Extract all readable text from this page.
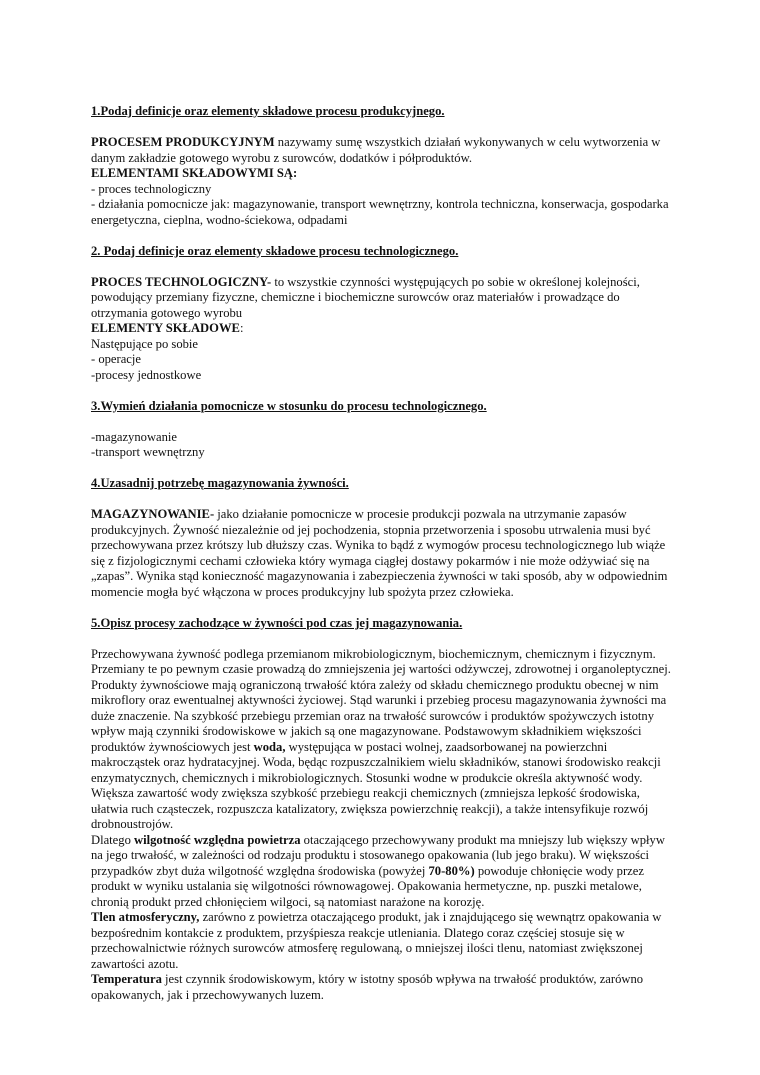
1.Podaj definicje oraz elementy składowe procesu produkcyjnego.

PROCESEM PRODUKCYJNYM nazywamy sumę wszystkich działań wykonywanych w celu wytworzenia w danym zakładzie gotowego wyrobu z surowców, dodatków i półproduktów.

ELEMENTAMI SKŁADOWYMI SĄ:

- proces technologiczny

- działania pomocnicze jak: magazynowanie, transport wewnętrzny, kontrola techniczna, konserwacja, gospodarka energetyczna, cieplna, wodno-ściekowa, odpadami

2. Podaj definicje oraz elementy składowe procesu technologicznego.

PROCES TECHNOLOGICZNY- to wszystkie czynności występujących po sobie w określonej kolejności, powodujący przemiany fizyczne, chemiczne i biochemiczne surowców oraz materiałów i prowadzące do otrzymania gotowego wyrobu

ELEMENTY SKŁADOWE:

Następujące po sobie

- operacje

-procesy jednostkowe

3.Wymień działania pomocnicze w stosunku do procesu technologicznego.

-magazynowanie

-transport wewnętrzny

4.Uzasadnij potrzebę magazynowania żywności.

MAGAZYNOWANIE- jako działanie pomocnicze w procesie produkcji pozwala na utrzymanie zapasów produkcyjnych. Żywność niezależnie od jej pochodzenia, stopnia przetworzenia i sposobu utrwalenia musi być przechowywana przez krótszy lub dłuższy czas. Wynika to bądź z wymogów procesu technologicznego lub wiąże się z fizjologicznymi cechami człowieka który wymaga ciągłej dostawy pokarmów i nie może odżywiać się na „zapas”. Wynika stąd konieczność magazynowania i zabezpieczenia żywności w taki sposób, aby w odpowiednim momencie mogła być włączona w proces produkcyjny lub spożyta przez człowieka.

5.Opisz procesy zachodzące w żywności pod czas jej magazynowania.

Przechowywana żywność podlega przemianom mikrobiologicznym, biochemicznym, chemicznym i fizycznym. Przemiany te po pewnym czasie prowadzą do zmniejszenia jej wartości odżywczej, zdrowotnej i organoleptycznej. Produkty żywnościowe mają ograniczoną trwałość która zależy od składu chemicznego produktu obecnej w nim mikroflory oraz ewentualnej aktywności życiowej. Stąd warunki i przebieg procesu magazynowania żywności ma duże znaczenie. Na szybkość przebiegu przemian oraz na trwałość surowców i produktów spożywczych istotny wpływ mają czynniki środowiskowe w jakich są one magazynowane. Podstawowym składnikiem większości produktów żywnościowych jest woda, występująca w postaci wolnej, zaadsorbowanej na powierzchni makrocząstek oraz hydratacyjnej. Woda, będąc rozpuszczalnikiem wielu składników, stanowi środowisko reakcji enzymatycznych, chemicznych i mikrobiologicznych. Stosunki wodne w produkcie określa aktywność wody. Większa zawartość wody zwiększa szybkość przebiegu reakcji chemicznych (zmniejsza lepkość środowiska, ułatwia ruch cząsteczek, rozpuszcza katalizatory, zwiększa powierzchnię reakcji), a także intensyfikuje rozwój drobnoustrojów.

Dlatego wilgotność względna powietrza otaczającego przechowywany produkt ma mniejszy lub większy wpływ na jego trwałość, w zależności od rodzaju produktu i stosowanego opakowania (lub jego braku). W większości przypadków zbyt duża wilgotność względna środowiska (powyżej 70-80%) powoduje chłonięcie wody przez produkt w wyniku ustalania się wilgotności równowagowej. Opakowania hermetyczne, np. puszki metalowe, chronią produkt przed chłonięciem wilgoci, są natomiast narażone na korozję.

Tlen atmosferyczny, zarówno z powietrza otaczającego produkt, jak i znajdującego się wewnątrz opakowania w bezpośrednim kontakcie z produktem, przyśpiesza reakcje utleniania. Dlatego coraz częściej stosuje się w przechowalnictwie różnych surowców atmosferę regulowaną, o mniejszej ilości tlenu, natomiast zwiększonej zawartości azotu.

Temperatura jest czynnik środowiskowym, który w istotny sposób wpływa na trwałość produktów, zarówno opakowanych, jak i przechowywanych luzem.
